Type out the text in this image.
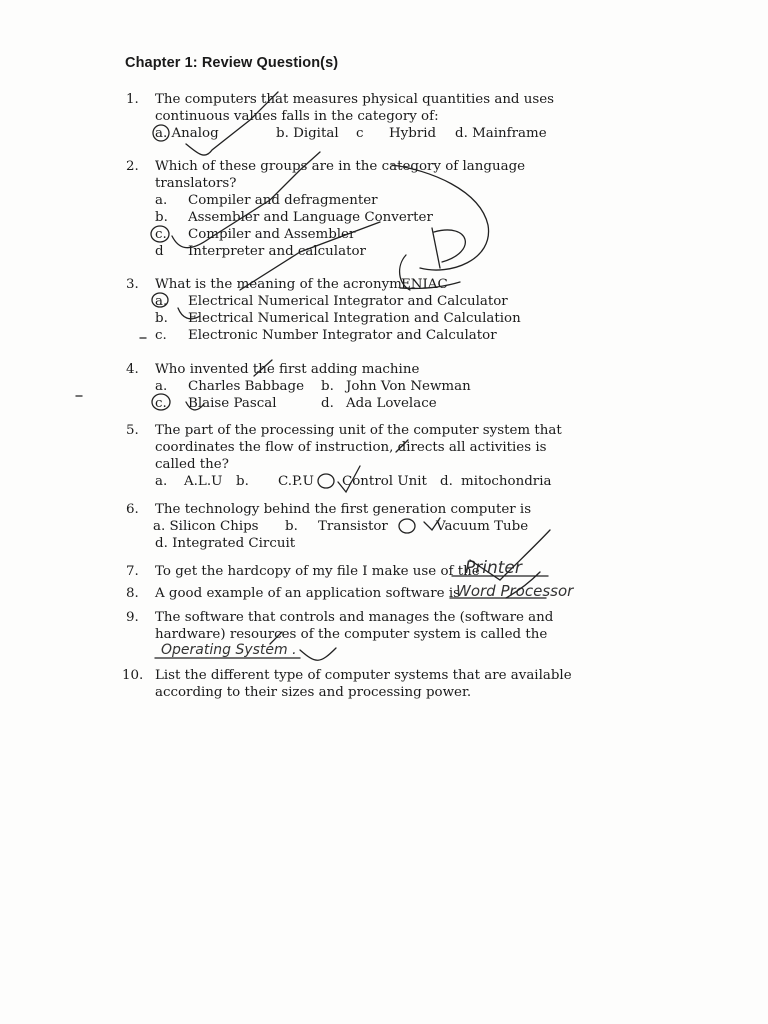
Chapter 1: Review Question(s)
1. The computers that measures physical quantities and uses
continuous values falls in the category of:
a. Analog	b. Digital c Hybrid d. Mainframe
2. Which of these groups are in the category of language
translators?
a. Compiler and defragmenter
b. Assembler and Language Converter
c. Compiler and Assembler
d Interpreter and calculator
3. What is the meaning of the acronym ENIAC
a. Electrical Numerical Integrator and Calculator
b. Electrical Numerical Integration and Calculation
c. Electronic Number Integrator and Calculator
4. Who invented the first adding machine
a. Charles Babbage b. John Von Newman
c. Blaise Pascal	d. Ada Lovelace
5. The part of the processing unit of the computer system that
coordinates the flow of instruction, directs all activities is
called the?
a. A.L.U b. C.P.U Control Unit d. mitochondria
6. The technology behind the first generation computer is
a. Silicon Chips b. Transistor	Vacuum Tube
d. Integrated Circuit
7. To get the hardcopy of my file I make use of the
Printer
8. A good example of an application software is
Word Processor
9. The software that controls and manages the (software and
hardware) resources of the computer system is called the
Operating System .
10. List the different type of computer systems that are available
according to their sizes and processing power.
